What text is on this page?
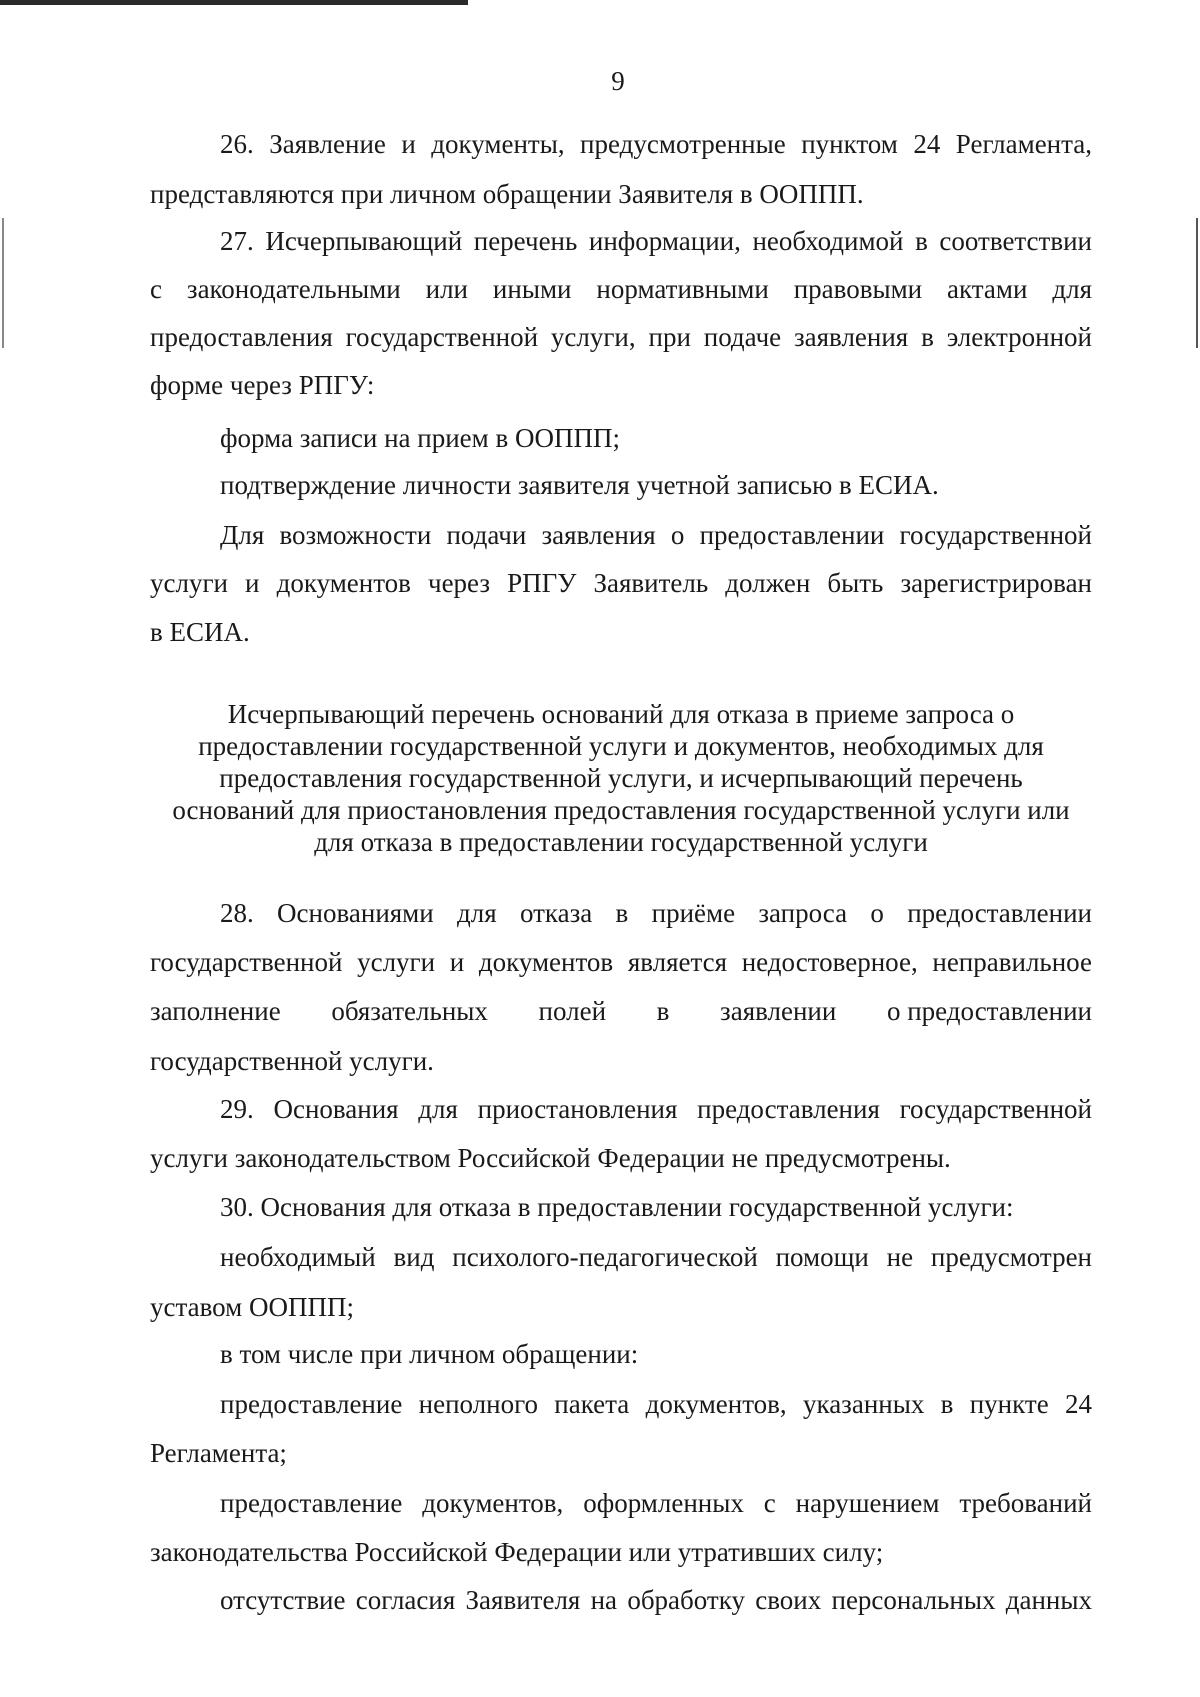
9
26. Заявление и документы, предусмотренные пунктом 24 Регламента,
представляются при личном обращении Заявителя в ООППП.
27. Исчерпывающий перечень информации, необходимой в соответствии
с законодательными или иными нормативными правовыми актами для
предоставления государственной услуги, при подаче заявления в электронной
форме через РПГУ:
форма записи на прием в ООППП;
подтверждение личности заявителя учетной записью в ЕСИА.
Для возможности подачи заявления о предоставлении государственной
услуги и документов через РПГУ Заявитель должен быть зарегистрирован
в ЕСИА.
Исчерпывающий перечень оснований для отказа в приеме запроса о
предоставлении государственной услуги и документов, необходимых для
предоставления государственной услуги, и исчерпывающий перечень
оснований для приостановления предоставления государственной услуги или
для отказа в предоставлении государственной услуги
28. Основаниями для отказа в приёме запроса о предоставлении
государственной услуги и документов является недостоверное, неправильное
заполнение обязательных полей в заявлении о предоставлении
государственной услуги.
29. Основания для приостановления предоставления государственной
услуги законодательством Российской Федерации не предусмотрены.
30. Основания для отказа в предоставлении государственной услуги:
необходимый вид психолого-педагогической помощи не предусмотрен
уставом ООППП;
в том числе при личном обращении:
предоставление неполного пакета документов, указанных в пункте 24
Регламента;
предоставление документов, оформленных с нарушением требований
законодательства Российской Федерации или утративших силу;
отсутствие согласия Заявителя на обработку своих персональных данных
